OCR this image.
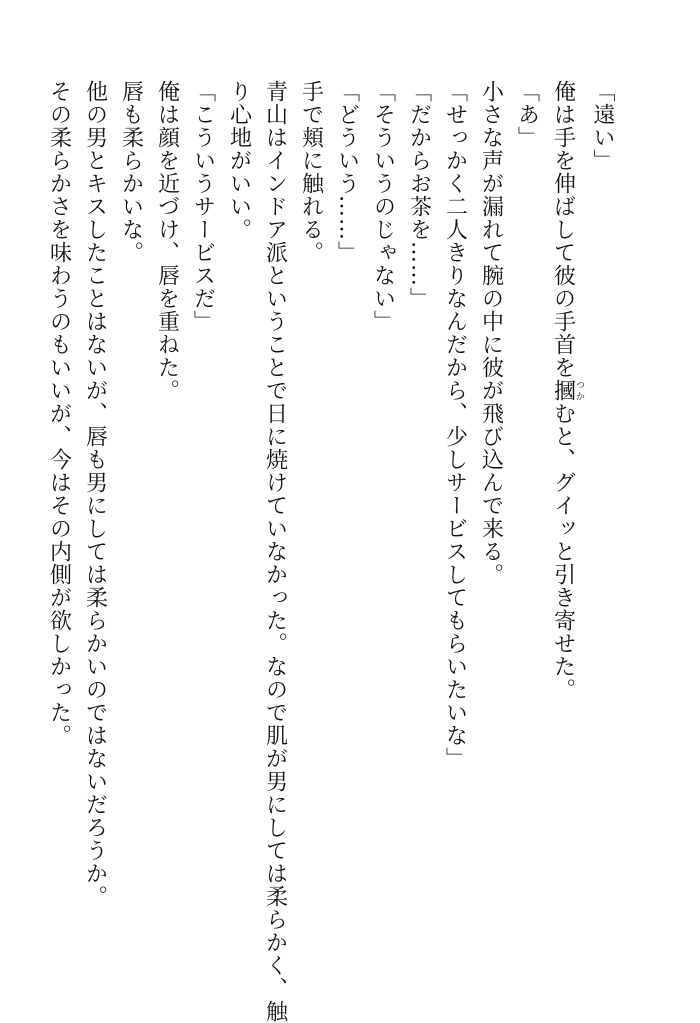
「遠い」
俺は手を伸ばして彼の手首を摑つかむと、グイッと引き寄せた。
「あ」
小さな声が漏れて腕の中に彼が飛び込んで来る。
「せっかく二人きりなんだから、少しサービスしてもらいたいな」
「だからお茶を……」
「そういうのじゃない」
「どういう……」
手で頬に触れる。
青山はインドア派ということで日に焼けていなかった。なので肌が男にしては柔らかく、触
り心地がいい。
「こういうサービスだ」
俺は顔を近づけ、唇を重ねた。
唇も柔らかいな。
他の男とキスしたことはないが、唇も男にしては柔らかいのではないだろうか。
その柔らかさを味わうのもいいが、今はその内側が欲しかった。
